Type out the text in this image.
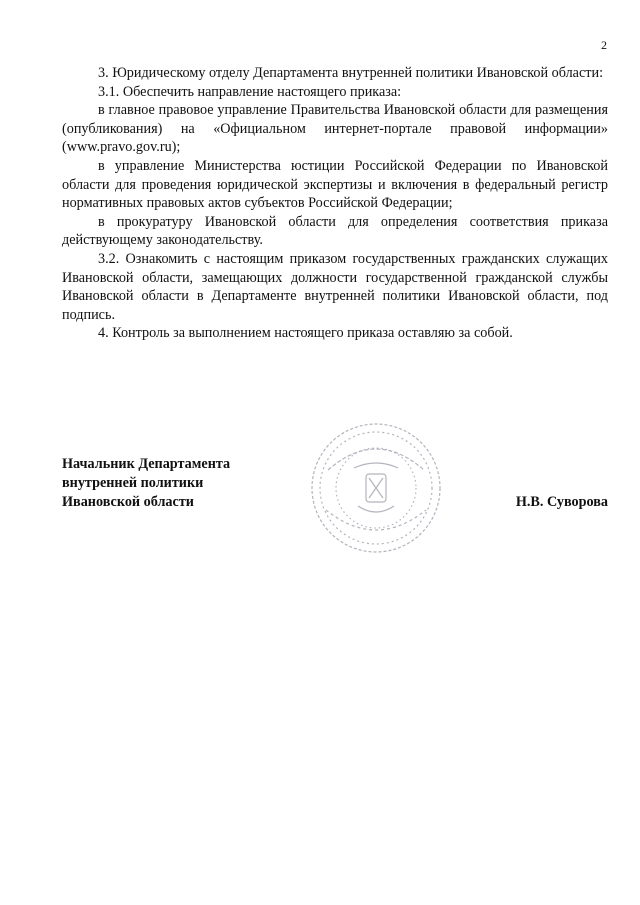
2

3. Юридическому отделу Департамента внутренней политики Ивановской области:

3.1. Обеспечить направление настоящего приказа:

в главное правовое управление Правительства Ивановской области для размещения (опубликования) на «Официальном интернет-портале правовой информации» (www.pravo.gov.ru);

в управление Министерства юстиции Российской Федерации по Ивановской области для проведения юридической экспертизы и включения в федеральный регистр нормативных правовых актов субъектов Российской Федерации;

в прокуратуру Ивановской области для определения соответствия приказа действующему законодательству.

3.2. Ознакомить с настоящим приказом государственных гражданских служащих Ивановской области, замещающих должности государственной гражданской службы Ивановской области в Департаменте внутренней политики Ивановской области, под подпись.

4. Контроль за выполнением настоящего приказа оставляю за собой.

Начальник Департамента
внутренней политики
Ивановской области	Н.В. Суворова
